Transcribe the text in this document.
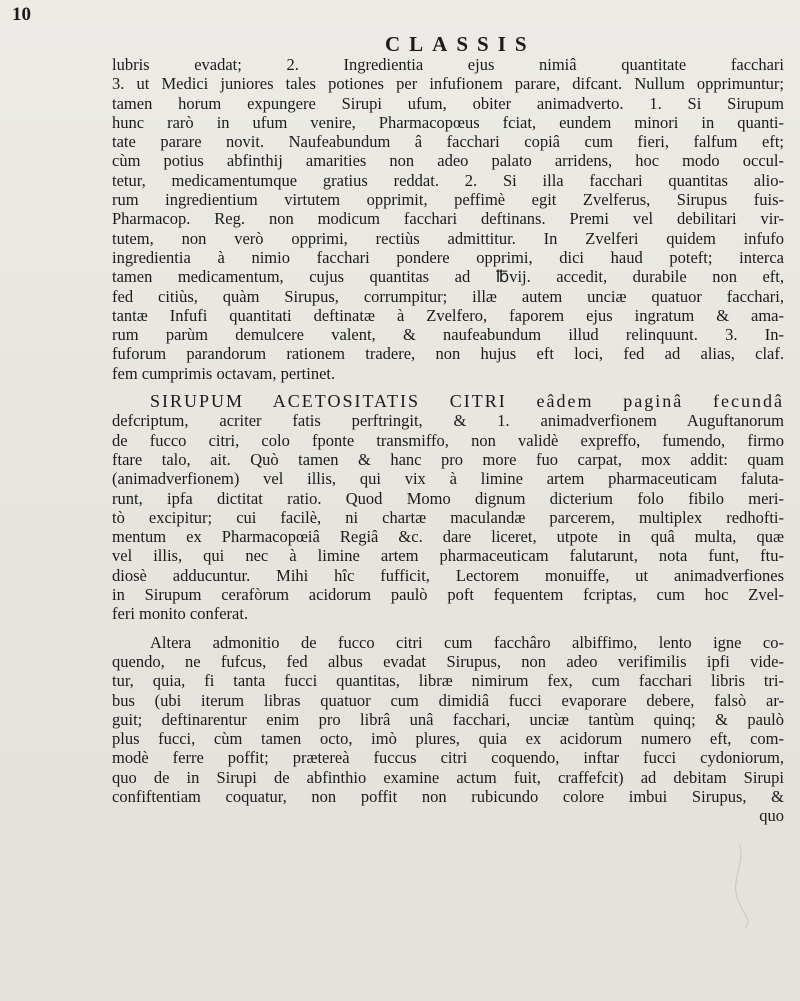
10
CLASSIS
lubris evadat; 2. Ingredientia ejus nimiâ quantitate facchari
3. ut Medici juniores tales potiones per infufionem parare, difcant. Nullum opprimuntur;
tamen horum expungere Sirupi ufum, obiter animadverto. 1. Si Sirupum
hunc rarò in ufum venire, Pharmacopœus fciat, eundem minori in quanti-
tate parare novit. Naufeabundum â facchari copiâ cum fieri, falfum eft;
cùm potius abfinthij amarities non adeo palato arridens, hoc modo occul-
tetur, medicamentumque gratius reddat. 2. Si illa facchari quantitas alio-
rum ingredientium virtutem opprimit, peffimè egit Zvelferus, Sirupus fuis-
Pharmacop. Reg. non modicum facchari deftinans. Premi vel debilitari vir-
tutem, non verò opprimi, rectiùs admittitur. In Zvelferi quidem infufo
ingredientia à nimio facchari pondere opprimi, dici haud poteft; interca
tamen medicamentum, cujus quantitas ad ℔vij. accedit, durabile non eft,
fed citiùs, quàm Sirupus, corrumpitur; illæ autem unciæ quatuor facchari,
tantæ Infufi quantitati deftinatæ à Zvelfero, faporem ejus ingratum & ama-
rum parùm demulcere valent, & naufeabundum illud relinquunt. 3. In-
fuforum parandorum rationem tradere, non hujus eft loci, fed ad alias, claf.
fem cumprimis octavam, pertinet.
SIRUPUM ACETOSITATIS CITRI eâdem paginâ fecundâ
defcriptum, acriter fatis perftringit, & 1. animadverfionem Auguftanorum
de fucco citri, colo fponte transmiffo, non validè expreffo, fumendo, firmo
ftare talo, ait. Quò tamen & hanc pro more fuo carpat, mox addit: quam
(animadverfionem) vel illis, qui vix à limine artem pharmaceuticam faluta-
runt, ipfa dictitat ratio. Quod Momo dignum dicterium folo fibilo meri-
tò excipitur; cui facilè, ni chartæ maculandæ parcerem, multiplex redhofti-
mentum ex Pharmacopœiâ Regiâ &c. dare liceret, utpote in quâ multa, quæ
vel illis, qui nec à limine artem pharmaceuticam falutarunt, nota funt, ftu-
diosè adducuntur. Mihi hîc fufficit, Lectorem monuiffe, ut animadverfiones
in Sirupum cerafòrum acidorum paulò poft fequentem fcriptas, cum hoc Zvel-
feri monito conferat.
Altera admonitio de fucco citri cum facchâro albiffimo, lento igne co-
quendo, ne fufcus, fed albus evadat Sirupus, non adeo verifimilis ipfi vide-
tur, quia, fi tanta fucci quantitas, libræ nimirum fex, cum facchari libris tri-
bus (ubi iterum libras quatuor cum dimidiâ fucci evaporare debere, falsò ar-
guit; deftinarentur enim pro librâ unâ facchari, unciæ tantùm quinq; & paulò
plus fucci, cùm tamen octo, imò plures, quia ex acidorum numero eft, com-
modè ferre poffit; prætereà fuccus citri coquendo, inftar fucci cydoniorum,
quo de in Sirupi de abfinthio examine actum fuit, craffefcit) ad debitam Sirupi
confiftentiam coquatur, non poffit non rubicundo colore imbui Sirupus, &
quo
